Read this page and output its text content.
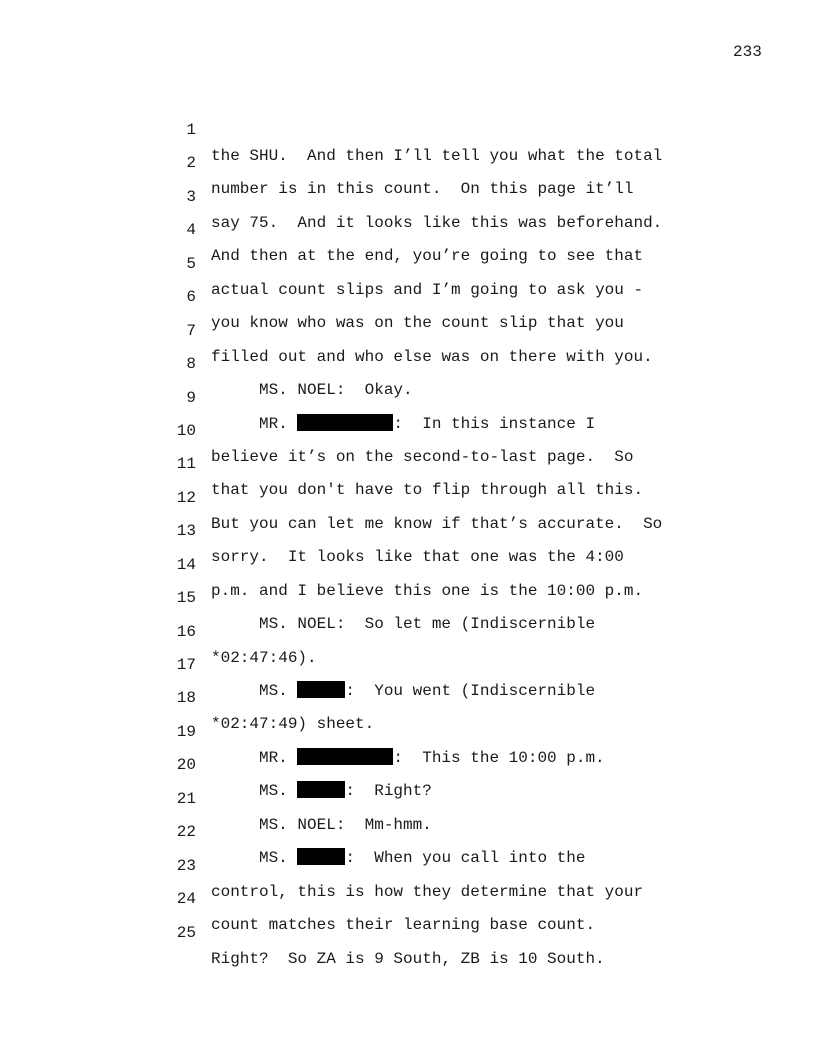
233

1

the SHU.  And then I’ll tell you what the total

2

number is in this count.  On this page it’ll

3

say 75.  And it looks like this was beforehand.

4

And then at the end, you’re going to see that

5

actual count slips and I’m going to ask you -

6

you know who was on the count slip that you

7

filled out and who else was on there with you.

8

MS. NOEL:  Okay.

9

MR.	:  In this instance I

10

believe it’s on the second-to-last page.  So

11

that you don't have to flip through all this.

12

But you can let me know if that’s accurate.  So

13

sorry.  It looks like that one was the 4:00

14

p.m. and I believe this one is the 10:00 p.m.

15

MS. NOEL:  So let me (Indiscernible

16

*02:47:46).

17

MS.	:  You went (Indiscernible

18

*02:47:49) sheet.

19

MR.	:  This the 10:00 p.m.

20

MS.	:  Right?

21

MS. NOEL:  Mm-hmm.

22

MS.	:  When you call into the

23

control, this is how they determine that your

24

count matches their learning base count.

25

Right?  So ZA is 9 South, ZB is 10 South.
